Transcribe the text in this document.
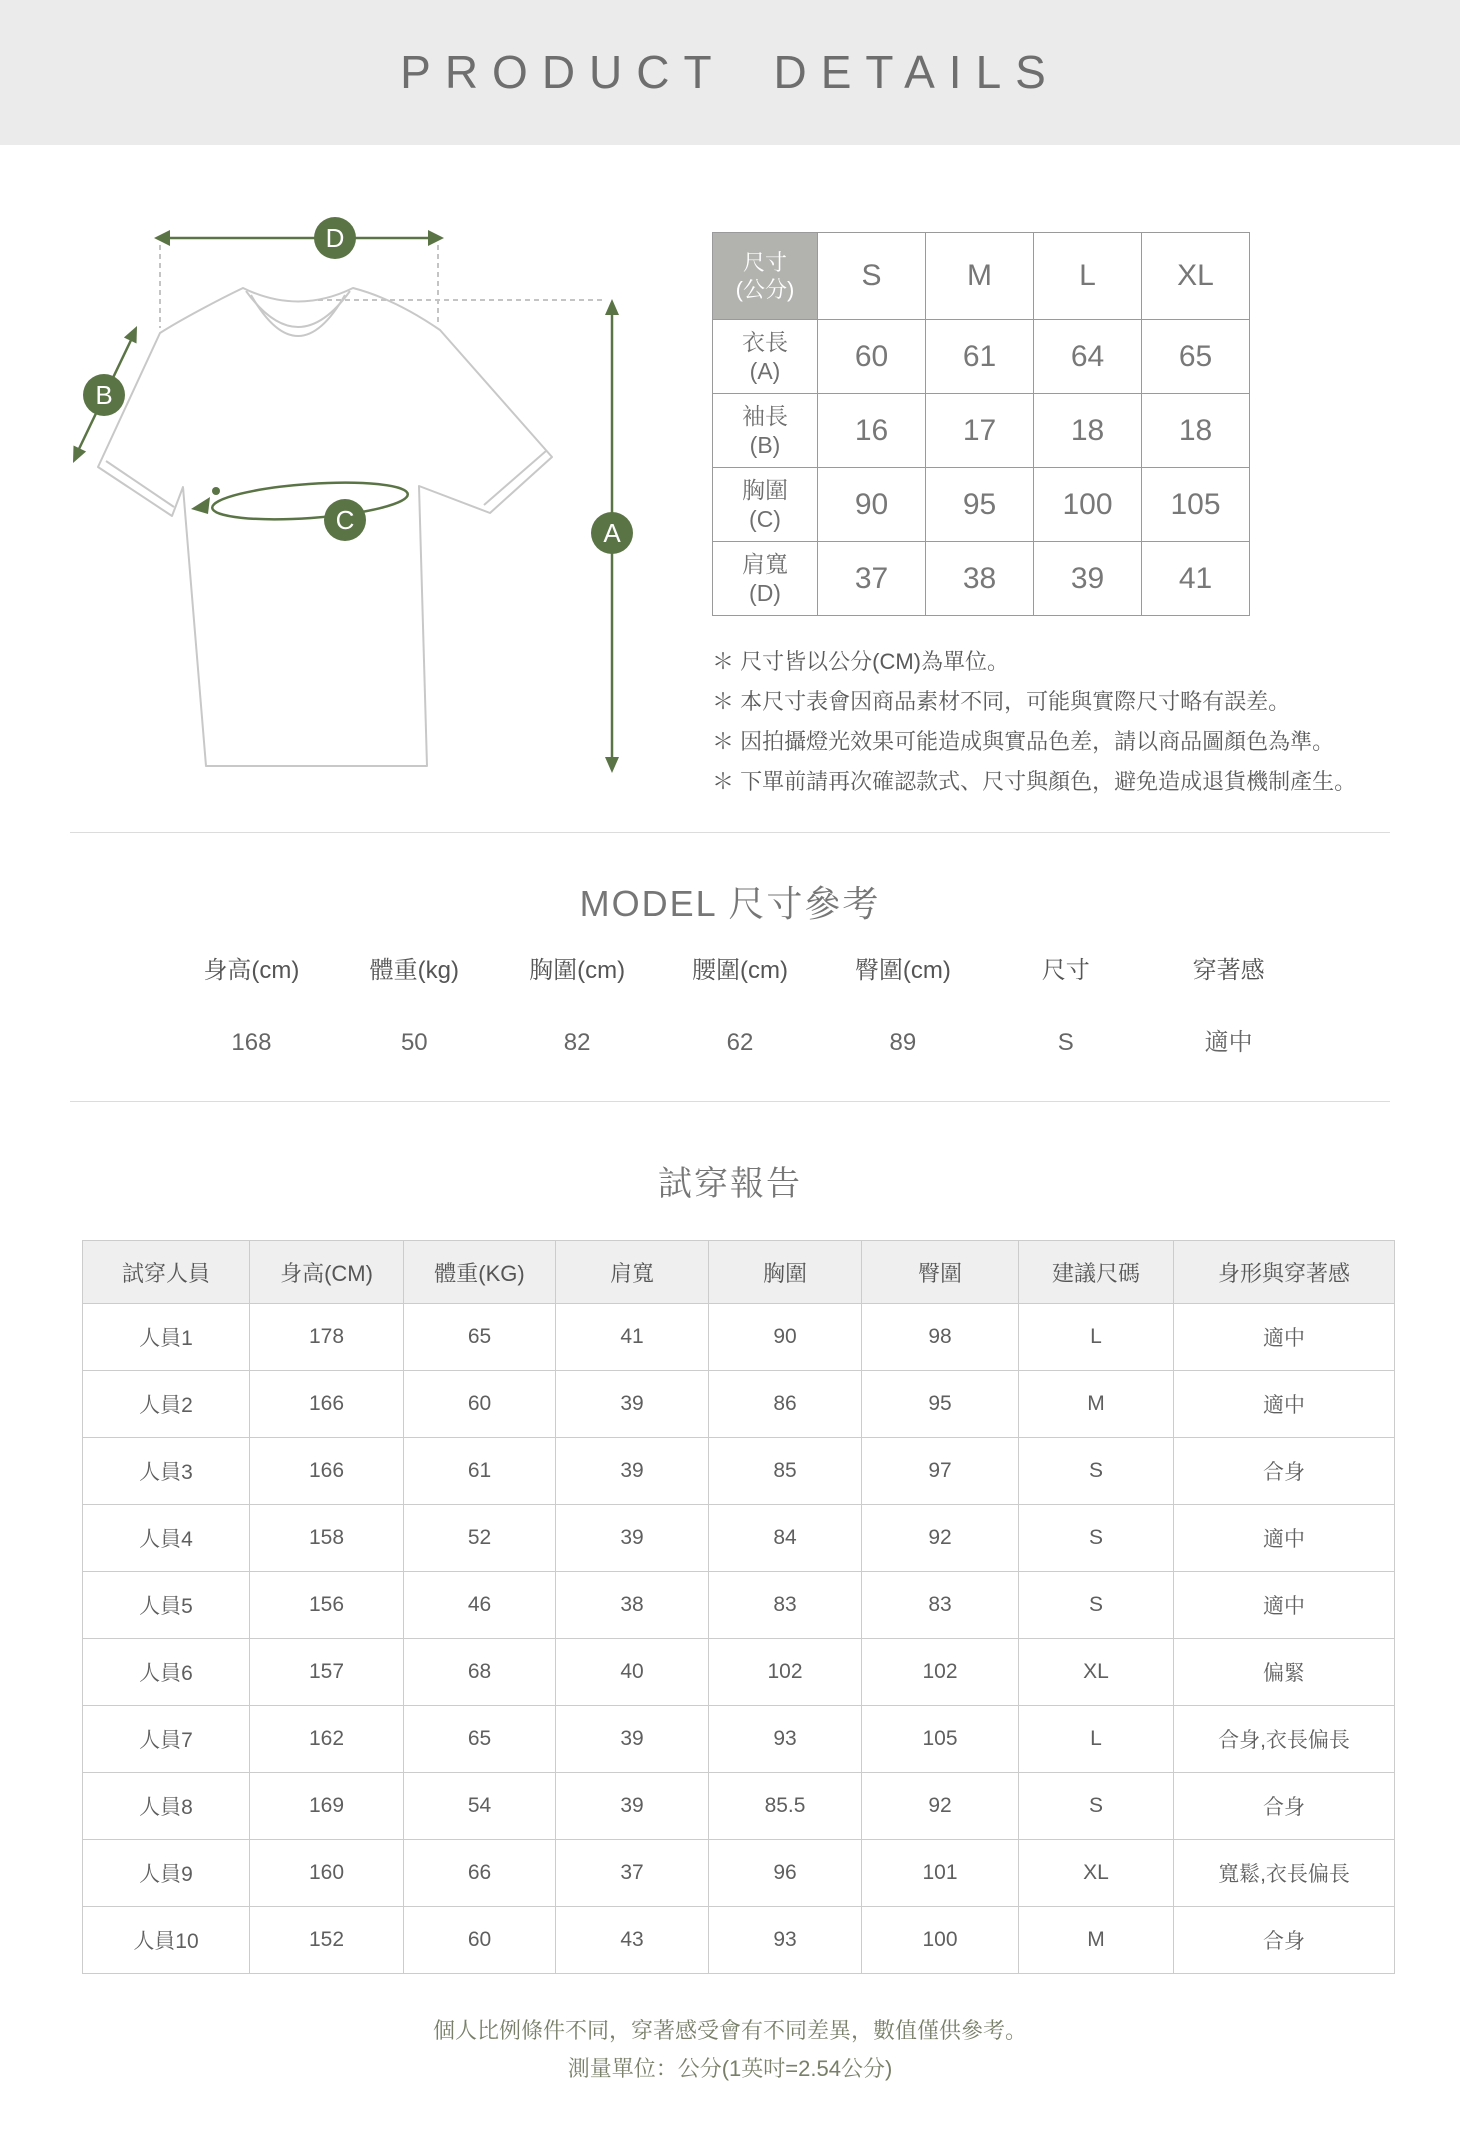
PRODUCT DETAILS
D
B
C	A
尺寸
(公分)	S	M	L	XL

衣長
(A)	60	61	64	65

袖長
(B)	16	17	18	18

胸圍
(C)	90	95	100	105

肩寬
(D)	37	38	39	41
＊ 尺寸皆以公分(CM)為單位。
＊ 本尺寸表會因商品素材不同，可能與實際尺寸略有誤差。
＊ 因拍攝燈光效果可能造成與實品色差，請以商品圖顏色為準。
＊ 下單前請再次確認款式、尺寸與顏色，避免造成退貨機制產生。
MODEL 尺寸參考
身高(cm)	體重(kg)	胸圍(cm)	腰圍(cm)	臀圍(cm)	尺寸	穿著感
168	50	82	62	89	S	適中
試穿報告
試穿人員	身高(CM)	體重(KG)	肩寬	胸圍	臀圍	建議尺碼	身形與穿著感
人員1	178	65	41	90	98	L	適中
人員2	166	60	39	86	95	M	適中
人員3	166	61	39	85	97	S	合身
人員4	158	52	39	84	92	S	適中
人員5	156	46	38	83	83	S	適中
人員6	157	68	40	102	102	XL	偏緊
人員7	162	65	39	93	105	L	合身,衣長偏長
人員8	169	54	39	85.5	92	S	合身
人員9	160	66	37	96	101	XL	寬鬆,衣長偏長
人員10	152	60	43	93	100	M	合身

個人比例條件不同，穿著感受會有不同差異，數值僅供參考。

測量單位：公分(1英吋=2.54公分)
